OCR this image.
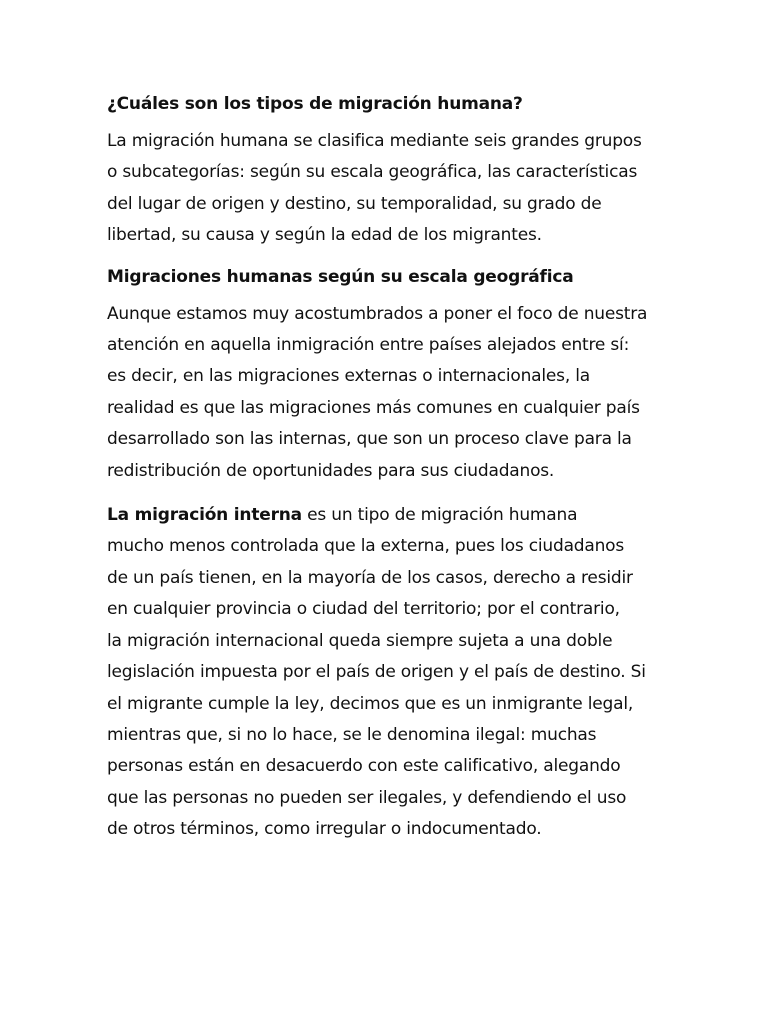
¿Cuáles son los tipos de migración humana?

La migración humana se clasifica mediante seis grandes grupos
o subcategorías: según su escala geográfica, las características
del lugar de origen y destino, su temporalidad, su grado de
libertad, su causa y según la edad de los migrantes.

Migraciones humanas según su escala geográfica

Aunque estamos muy acostumbrados a poner el foco de nuestra
atención en aquella inmigración entre países alejados entre sí:
es decir, en las migraciones externas o internacionales, la
realidad es que las migraciones más comunes en cualquier país
desarrollado son las internas, que son un proceso clave para la
redistribución de oportunidades para sus ciudadanos.

La migración interna es un tipo de migración humana
mucho menos controlada que la externa, pues los ciudadanos
de un país tienen, en la mayoría de los casos, derecho a residir
en cualquier provincia o ciudad del territorio; por el contrario,
la migración internacional queda siempre sujeta a una doble
legislación impuesta por el país de origen y el país de destino. Si
el migrante cumple la ley, decimos que es un inmigrante legal,
mientras que, si no lo hace, se le denomina ilegal: muchas
personas están en desacuerdo con este calificativo, alegando
que las personas no pueden ser ilegales, y defendiendo el uso
de otros términos, como irregular o indocumentado.
